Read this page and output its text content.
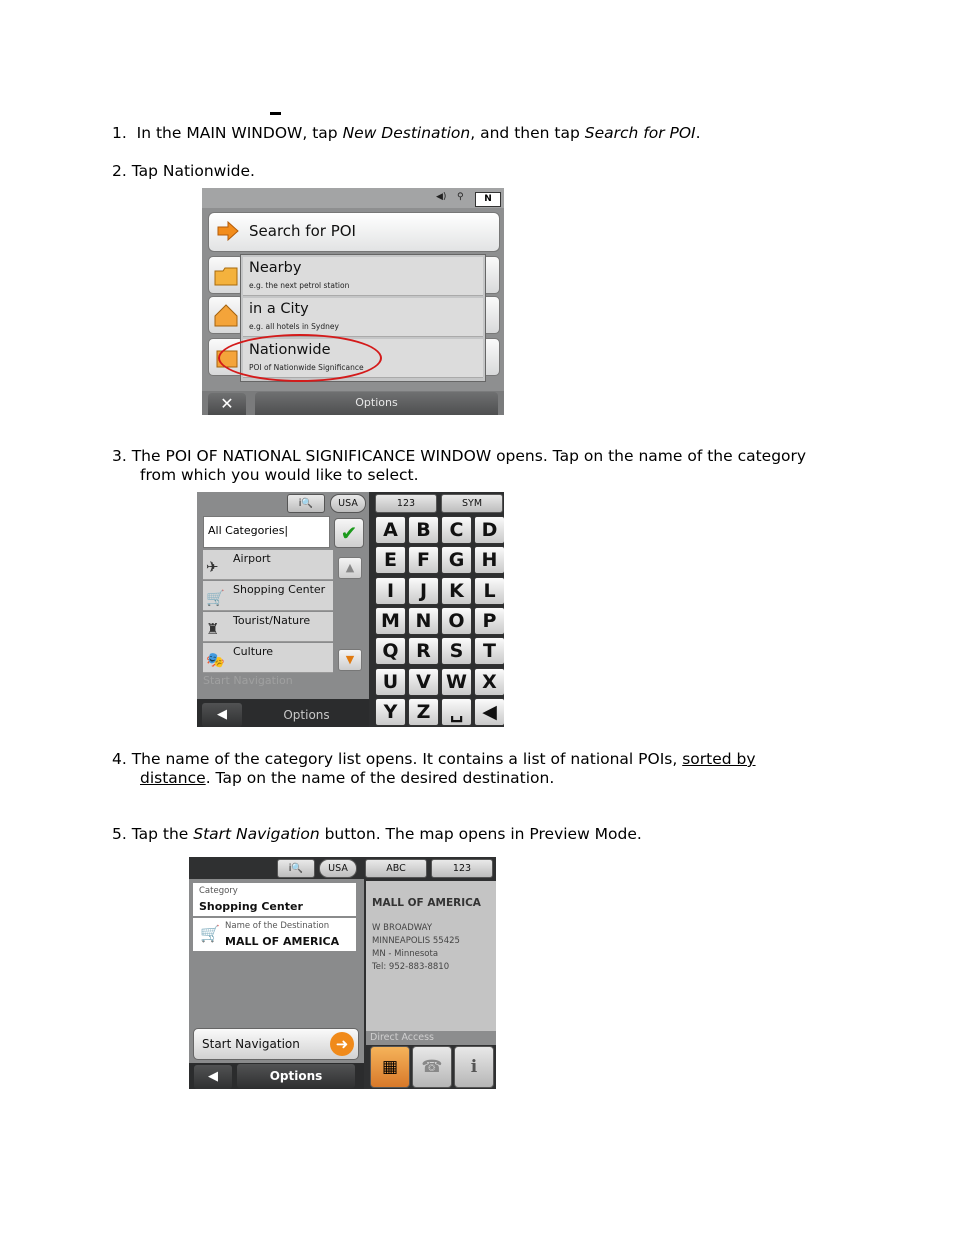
1. In the MAIN WINDOW, tap New Destination, and then tap Search for POI.
2. Tap Nationwide.
◀) ⚲	N
Search for POI
Nearby
e.g. the next petrol station
in a City
e.g. all hotels in Sydney
Nationwide
POI of Nationwide Significance
✕	Options
3. The POI OF NATIONAL SIGNIFICANCE WINDOW opens. Tap on the name of the category
from which you would like to select.
i🔍	USA	123	SYM
All Categories|	✔
✈ Airport
🛒 Shopping Center
♜ Tourist/Nature
🎭 Culture
▲
▼
Start Navigation
◀	Options
A B C D
E	F G H
I	J	K	L
M N O P
Q R S	T
U V W X
Y	Z	␣ ◀
4. The name of the category list opens. It contains a list of national POIs, sorted by
distance. Tap on the name of the desired destination.
5. Tap the Start Navigation button. The map opens in Preview Mode.
i🔍	USA	ABC	123
Category
Shopping Center
🛒 Name of the Destination
MALL OF AMERICA
MALL OF AMERICA
W BROADWAY
MINNEAPOLIS 55425
MN - Minnesota
Tel: 952-883-8810
Start Navigation	➜
◀	Options
Direct Access
▦	☎	i
